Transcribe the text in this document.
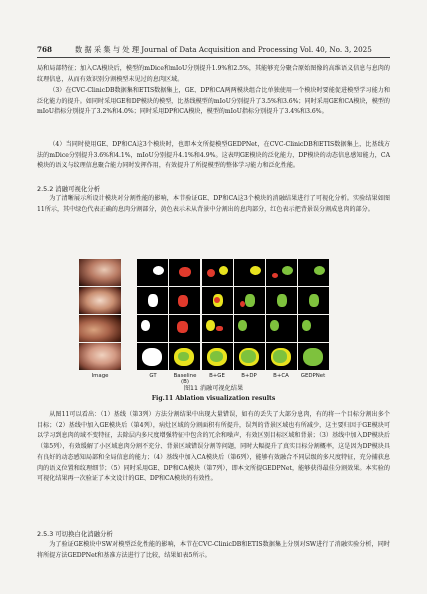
768	数 据 采 集 与 处 理 Journal of Data Acquisition and Processing Vol. 40, No. 3, 2025
局和局部特征；加入CA模块后，模型的mDice和mIoU分别提升1.9%和2.5%，其能够充分聚合原始图像的高维语义信息与息肉的纹理信息，从而有效识别分割模型未见过的息肉区域。
（3）在CVC-ClinicDB数据集和ETIS数据集上，GE、DP和CA两两模块组合比单独使用一个模块时要能促进模型学习能力和泛化能力的提升。如同时采用GE和DP模块的模型，比基线模型的mIoU分别提升了3.5%和3.6%；同时采用GE和CA模块，模型的mIoU指标分别提升了3.2%和4.0%；同时采用DP和CA模块，模型的mIoU指标分别提升了3.4%和3.6%。
（4）当同时使用GE、DP和CA这3个模块时，也即本文所提模型GEDPNet，在CVC-ClinicDB和ETIS数据集上，比基线方法的mDice分别提升3.6%和4.1%，mIoU分别提升4.1%和4.9%。这表明GE模块的泛化能力，DP模块的动态信息感知能力，CA模块的语义与纹理信息聚合能力同时发挥作用，有效提升了所提模型的整体学习能力和泛化性能。
2.5.2 消融可视化分析
为了清晰展示所设计模块对分割性能的影响，本节验证GE、DP和CA这3个模块的消融结果进行了可视化分析。实验结果如图11所示，其中绿色代表正确的息肉分割部分，黄色表示未从背景中分割出的息肉部分，红色表示把背景误分割成息肉的部分。
Image	GT	Baseline (B)
B+GE	B+DP	B+CA	GEDPNet
图11 消融可视化结果
Fig.11 Ablation visualization results
从图11可以看出：（1）基线（第3列）方法分割结果中出现大量错误，如有的丢失了大部分息肉，有的将一个目标分割出多个目标；（2）基线中加入GE模块后（第4列），病灶区域的分割面积有所提升，误判的背景区域也有所减少，这主要归因于GE模块可以学习到息肉的域不变特征，去除层内多尺度增强特征中包含的冗余和噪声，有效区别目标区域和背景；（3）基线中加入DP模块后（第5列），有效缓解了小区域息肉分割不充分、背景区域错误分割等问题，同时大幅提升了真实目标分割概率，这是因为DP模块具有良好的动态感知局部和全局信息的能力；（4）基线中加入CA模块后（第6列），能够有效融合不同层级的多尺度特征，充分捕获息肉的语义位置和纹理细节；（5）同时采用GE、DP和CA模块（第7列），即本文所提GEDPNet，能够获得最佳分割效果。本实验的可视化结果再一次验证了本文设计的GE、DP和CA模块的有效性。
2.5.3 可切换白化消融分析
为了验证GE模块中SW对模型泛化性能的影响，本节在CVC-ClinicDB和ETIS数据集上分别对SW进行了消融实验分析，同时将所提方法GEDPNet和基准方法进行了比较，结果如表5所示。
